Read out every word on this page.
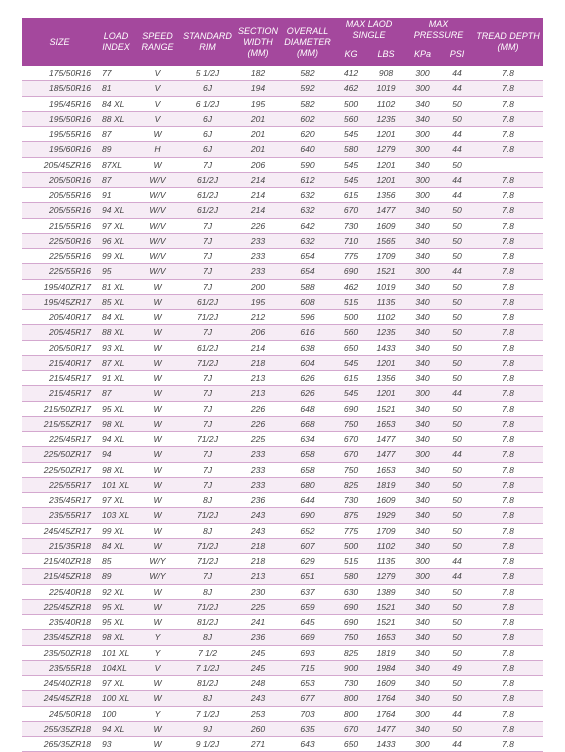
SIZE	LOAD INDEX	SPEED RANGE	STANDARD RIM	SECTION WIDTH (MM)	OVERALL DIAMETER (MM)	MAX LAOD SINGLE		MAX PRESSURE		TREAD DEPTH (MM)
						KG	LBS	KPa	PSI	
175/50R16	77	V	5 1/2J	182	582	412	908	300	44	7.8
185/50R16	81	V	6J	194	592	462	1019	300	44	7.8
195/45R16	84 XL	V	6 1/2J	195	582	500	1102	340	50	7.8
195/50R16	88 XL	V	6J	201	602	560	1235	340	50	7.8
195/55R16	87	W	6J	201	620	545	1201	300	44	7.8
195/60R16	89	H	6J	201	640	580	1279	300	44	7.8
205/45ZR16	87XL	W	7J	206	590	545	1201	340	50	
205/50R16	87	W/V	61/2J	214	612	545	1201	300	44	7.8
205/55R16	91	W/V	61/2J	214	632	615	1356	300	44	7.8
205/55R16	94 XL	W/V	61/2J	214	632	670	1477	340	50	7.8
215/55R16	97 XL	W/V	7J	226	642	730	1609	340	50	7.8
225/50R16	96 XL	W/V	7J	233	632	710	1565	340	50	7.8
225/55R16	99 XL	W/V	7J	233	654	775	1709	340	50	7.8
225/55R16	95	W/V	7J	233	654	690	1521	300	44	7.8
195/40ZR17	81 XL	W	7J	200	588	462	1019	340	50	7.8
195/45ZR17	85 XL	W	61/2J	195	608	515	1135	340	50	7.8
205/40R17	84 XL	W	71/2J	212	596	500	1102	340	50	7.8
205/45R17	88 XL	W	7J	206	616	560	1235	340	50	7.8
205/50R17	93 XL	W	61/2J	214	638	650	1433	340	50	7.8
215/40R17	87 XL	W	71/2J	218	604	545	1201	340	50	7.8
215/45R17	91 XL	W	7J	213	626	615	1356	340	50	7.8
215/45R17	87	W	7J	213	626	545	1201	300	44	7.8
215/50ZR17	95 XL	W	7J	226	648	690	1521	340	50	7.8
215/55ZR17	98 XL	W	7J	226	668	750	1653	340	50	7.8
225/45R17	94 XL	W	71/2J	225	634	670	1477	340	50	7.8
225/50ZR17	94	W	7J	233	658	670	1477	300	44	7.8
225/50ZR17	98 XL	W	7J	233	658	750	1653	340	50	7.8
225/55R17	101 XL	W	7J	233	680	825	1819	340	50	7.8
235/45R17	97 XL	W	8J	236	644	730	1609	340	50	7.8
235/55R17	103 XL	W	71/2J	243	690	875	1929	340	50	7.8
245/45ZR17	99 XL	W	8J	243	652	775	1709	340	50	7.8
215/35R18	84 XL	W	71/2J	218	607	500	1102	340	50	7.8
215/40ZR18	85	W/Y	71/2J	218	629	515	1135	300	44	7.8
215/45ZR18	89	W/Y	7J	213	651	580	1279	300	44	7.8
225/40R18	92 XL	W	8J	230	637	630	1389	340	50	7.8
225/45ZR18	95 XL	W	71/2J	225	659	690	1521	340	50	7.8
235/40R18	95 XL	W	81/2J	241	645	690	1521	340	50	7.8
235/45ZR18	98 XL	Y	8J	236	669	750	1653	340	50	7.8
235/50ZR18	101 XL	Y	7 1/2	245	693	825	1819	340	50	7.8
235/55R18	104XL	V	7 1/2J	245	715	900	1984	340	49	7.8
245/40ZR18	97 XL	W	81/2J	248	653	730	1609	340	50	7.8
245/45ZR18	100 XL	W	8J	243	677	800	1764	340	50	7.8
245/50R18	100	Y	7 1/2J	253	703	800	1764	300	44	7.8
255/35ZR18	94 XL	W	9J	260	635	670	1477	340	50	7.8
265/35ZR18	93	W	9 1/2J	271	643	650	1433	300	44	7.8
